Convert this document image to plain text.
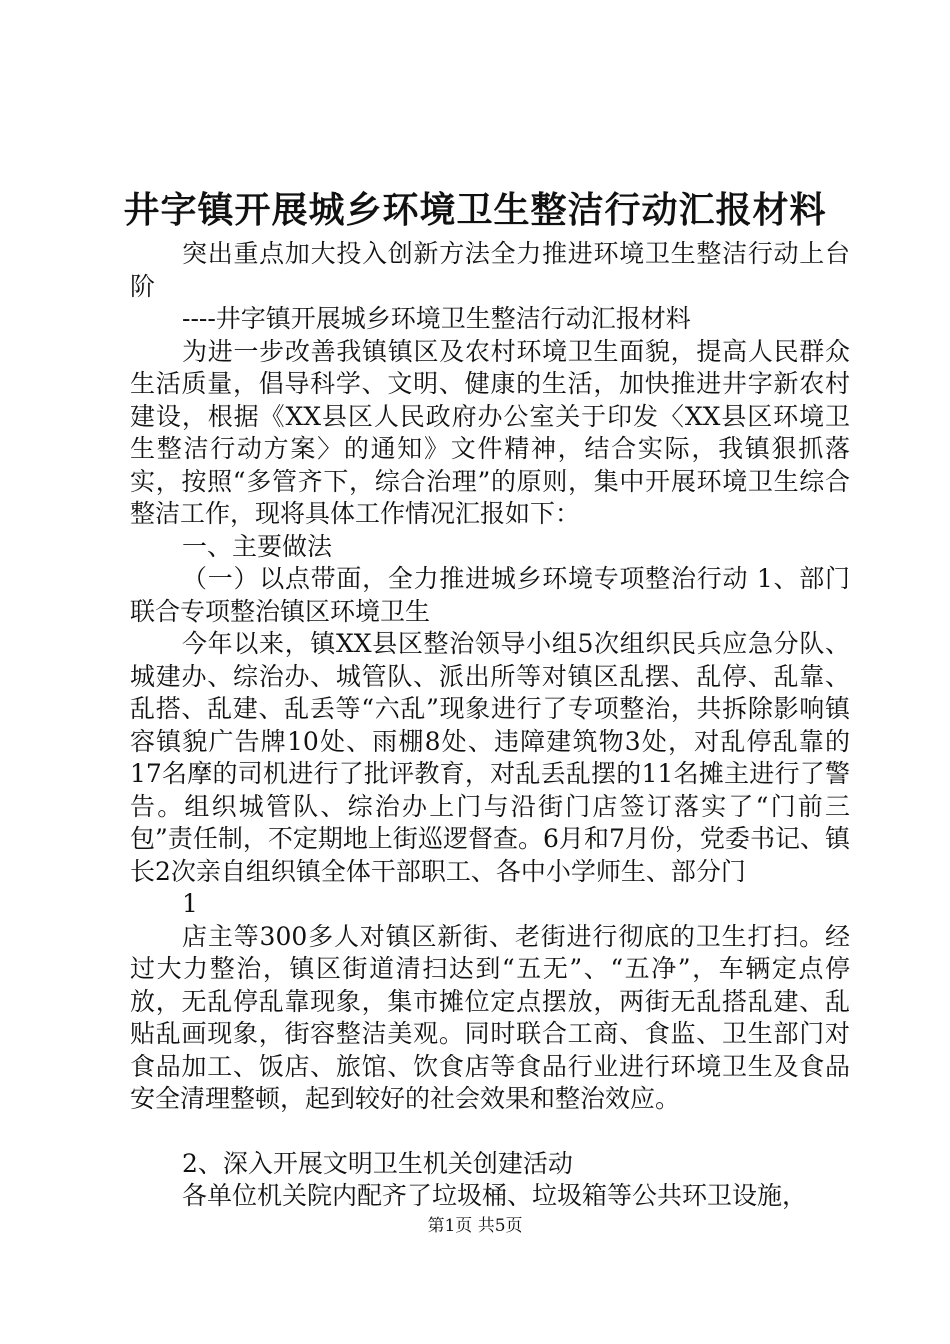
井字镇开展城乡环境卫生整洁行动汇报材料

突出重点加大投入创新方法全力推进环境卫生整洁行动上台阶

----井字镇开展城乡环境卫生整洁行动汇报材料

为进一步改善我镇镇区及农村环境卫生面貌，提高人民群众生活质量，倡导科学、文明、健康的生活，加快推进井字新农村建设，根据《XX县区人民政府办公室关于印发〈XX县区环境卫生整洁行动方案〉的通知》文件精神，结合实际，我镇狠抓落实，按照“多管齐下，综合治理”的原则，集中开展环境卫生综合整洁工作，现将具体工作情况汇报如下：

一、主要做法

（一）以点带面，全力推进城乡环境专项整治行动 1、部门联合专项整治镇区环境卫生

今年以来，镇XX县区整治领导小组5次组织民兵应急分队、城建办、综治办、城管队、派出所等对镇区乱摆、乱停、乱靠、乱搭、乱建、乱丢等“六乱”现象进行了专项整治，共拆除影响镇容镇貌广告牌10处、雨棚8处、违障建筑物3处，对乱停乱靠的17名摩的司机进行了批评教育，对乱丢乱摆的11名摊主进行了警告。组织城管队、综治办上门与沿街门店签订落实了“门前三包”责任制，不定期地上街巡逻督查。6月和7月份，党委书记、镇长2次亲自组织镇全体干部职工、各中小学师生、部分门

1

店主等300多人对镇区新街、老街进行彻底的卫生打扫。经过大力整治，镇区街道清扫达到“五无”、“五净”，车辆定点停放，无乱停乱靠现象，集市摊位定点摆放，两街无乱搭乱建、乱贴乱画现象，街容整洁美观。同时联合工商、食监、卫生部门对食品加工、饭店、旅馆、饮食店等食品行业进行环境卫生及食品安全清理整顿，起到较好的社会效果和整治效应。

2、深入开展文明卫生机关创建活动

各单位机关院内配齐了垃圾桶、垃圾箱等公共环卫设施，

第1页 共5页
